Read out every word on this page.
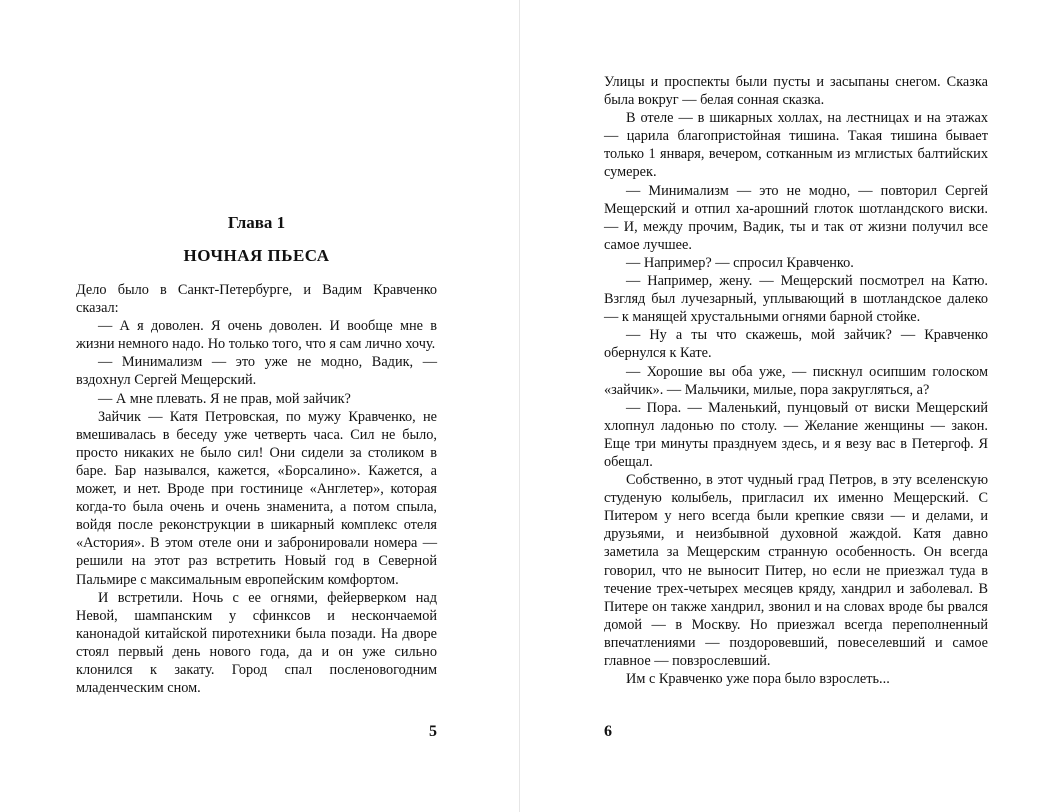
Глава 1
НОЧНАЯ ПЬЕСА

Дело было в Санкт-Петербурге, и Вадим Кравченко сказал:

— А я доволен. Я очень доволен. И вообще мне в жизни немного надо. Но только того, что я сам лично хочу.

— Минимализм — это уже не модно, Вадик, — вздохнул Сергей Мещерский.

— А мне плевать. Я не прав, мой зайчик?

Зайчик — Катя Петровская, по мужу Кравченко, не вмешивалась в беседу уже четверть часа. Сил не было, просто никаких не было сил! Они сидели за столиком в баре. Бар назывался, кажется, «Борсалино». Кажется, а может, и нет. Вроде при гостинице «Англетер», которая когда-то была очень и очень знаменита, а потом спылa, войдя после реконструкции в шикарный комплекс отеля «Астория». В этом отеле они и забронировали номера — решили на этот раз встретить Новый год в Северной Пальмире с максимальным европейским комфортом.

И встретили. Ночь с ее огнями, фейерверком над Невой, шампанским у сфинксов и нескончаемой канонадой китайской пиротехники была позади. На дворе стоял первый день нового года, да и он уже сильно клонился к закату. Город спал посленовогодним младенческим сном.

5

Улицы и проспекты были пусты и засыпаны снегом. Сказка была вокруг — белая сонная сказка.

В отеле — в шикарных холлах, на лестницах и на этажах — царила благопристойная тишина. Такая тишина бывает только 1 января, вечером, сотканным из мглистых балтийских сумерек.

— Минимализм — это не модно, — повторил Сергей Мещерский и отпил ха-арошний глоток шотландского виски. — И, между прочим, Вадик, ты и так от жизни получил все самое лучшее.

— Например? — спросил Кравченко.

— Например, жену. — Мещерский посмотрел на Катю. Взгляд был лучезарный, уплывающий в шотландское далеко — к манящей хрустальными огнями барной стойке.

— Ну а ты что скажешь, мой зайчик? — Кравченко обернулся к Кате.

— Хорошие вы оба уже, — пискнул осипшим голоском «зайчик». — Мальчики, милые, пора закругляться, а?

— Пора. — Маленький, пунцовый от виски Мещерский хлопнул ладонью по столу. — Желание женщины — закон. Еще три минуты празднуем здесь, и я везу вас в Петергоф. Я обещал.

Собственно, в этот чудный град Петров, в эту вселенскую студеную колыбель, пригласил их именно Мещерский. С Питером у него всегда были крепкие связи — и делами, и друзьями, и неизбывной духовной жаждой. Катя давно заметила за Мещерским странную особенность. Он всегда говорил, что не выносит Питер, но если не приезжал туда в течение трех-четырех месяцев кряду, хандрил и заболевал. В Питере он также хандрил, звонил и на словах вроде бы рвался домой — в Москву. Но приезжал всегда переполненный впечатлениями — поздоровевший, повеселевший и самое главное — повзрослевший.

Им с Кравченко уже пора было взрослеть...

6
